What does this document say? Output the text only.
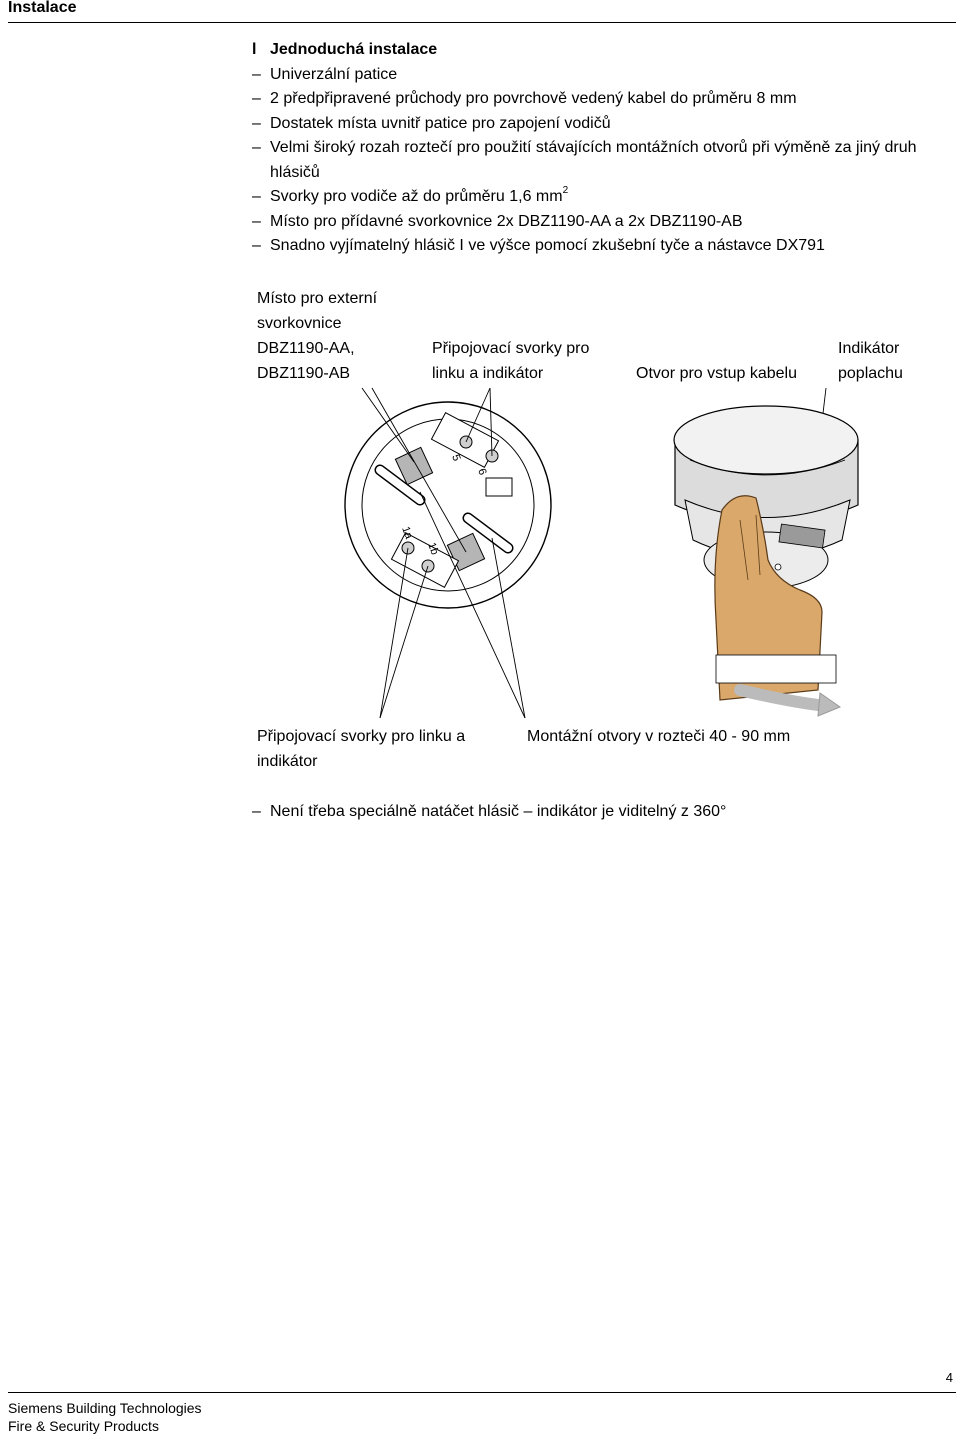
Instalace
l Jednoduchá instalace
– Univerzální patice
– 2 předpřipravené průchody pro povrchově vedený kabel do průměru 8 mm
– Dostatek místa uvnitř patice pro zapojení vodičů
– Velmi široký rozah roztečí pro použití stávajících montážních otvorů při výměně za jiný druh hlásičů
– Svorky pro vodiče až do průměru 1,6 $mm^2$
– Místo pro přídavné svorkovnice 2x DBZ1190-AA a 2x DBZ1190-AB
– Snadno vyjímatelný hlásič I ve výšce pomocí zkušební tyče a nástavce DX791
Místo pro externí svorkovnice DBZ1190-AA, DBZ1190-AB
Připojovací svorky pro linku a indikátor	Otvor pro vstup kabelu
Indikátor poplachu
Připojovací svorky pro linku a indikátor
Montážní otvory v rozteči 40 - 90 mm
5
6
1a
1b
– Není třeba speciálně natáčet hlásič – indikátor je viditelný z 360°
4
Siemens Building Technologies
Fire & Security Products
